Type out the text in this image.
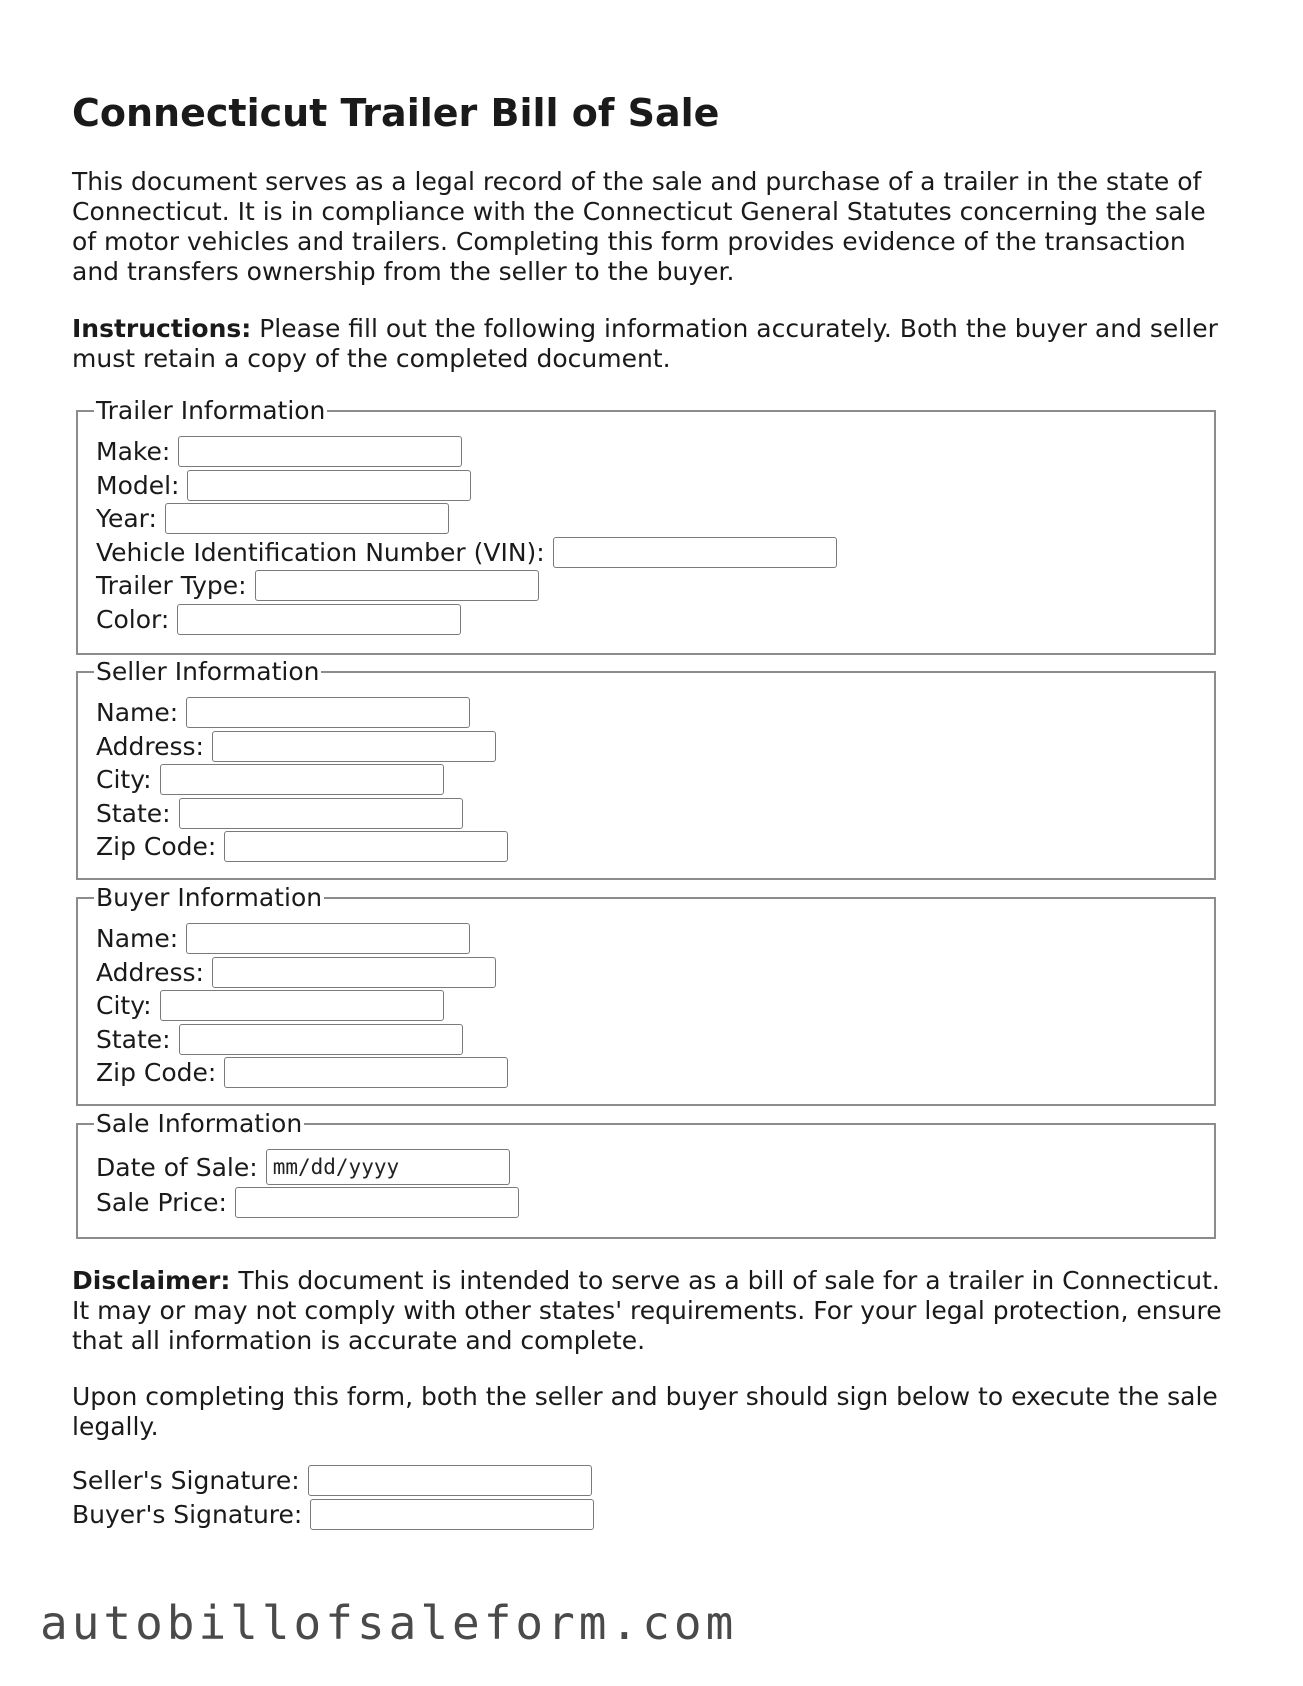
Connecticut Trailer Bill of Sale

This document serves as a legal record of the sale and purchase of a trailer in the state of Connecticut. It is in compliance with the Connecticut General Statutes concerning the sale of motor vehicles and trailers. Completing this form provides evidence of the transaction and transfers ownership from the seller to the buyer.

Instructions: Please fill out the following information accurately. Both the buyer and seller must retain a copy of the completed document.

Trailer Information
Make:
Model:
Year:
Vehicle Identification Number (VIN):
Trailer Type:
Color:
Seller Information
Name:
Address:
City:
State:
Zip Code:
Buyer Information
Name:
Address:
City:
State:
Zip Code:
Sale Information
Date of Sale: mm/dd/yyyy
Sale Price:

Disclaimer: This document is intended to serve as a bill of sale for a trailer in Connecticut. It may or may not comply with other states' requirements. For your legal protection, ensure that all information is accurate and complete.

Upon completing this form, both the seller and buyer should sign below to execute the sale legally.

Seller's Signature:
Buyer's Signature:
autobillofsaleform.com
